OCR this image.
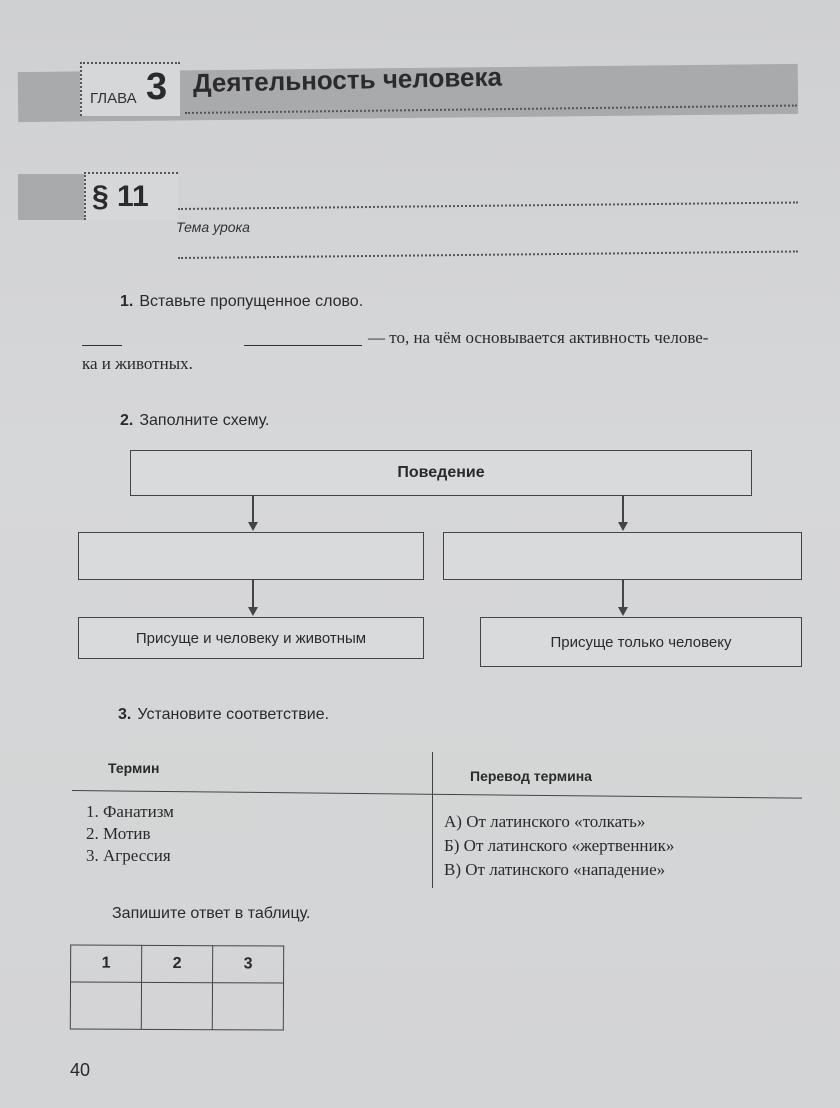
ГЛАВА 3 Деятельность человека
§ 11
Тема урока
1. Вставьте пропущенное слово.
— то, на чём основывается активность челове-
ка и животных.
2. Заполните схему.
Поведение
Присуще и человеку и животным	Присуще только человеку
3. Установите соответствие.
Термин	Перевод термина
1. Фанатизм
2. Мотив
3. Агрессия
А) От латинского «толкать»
Б) От латинского «жертвенник»
В) От латинского «нападение»
Запишите ответ в таблицу.
1	2	3

40
